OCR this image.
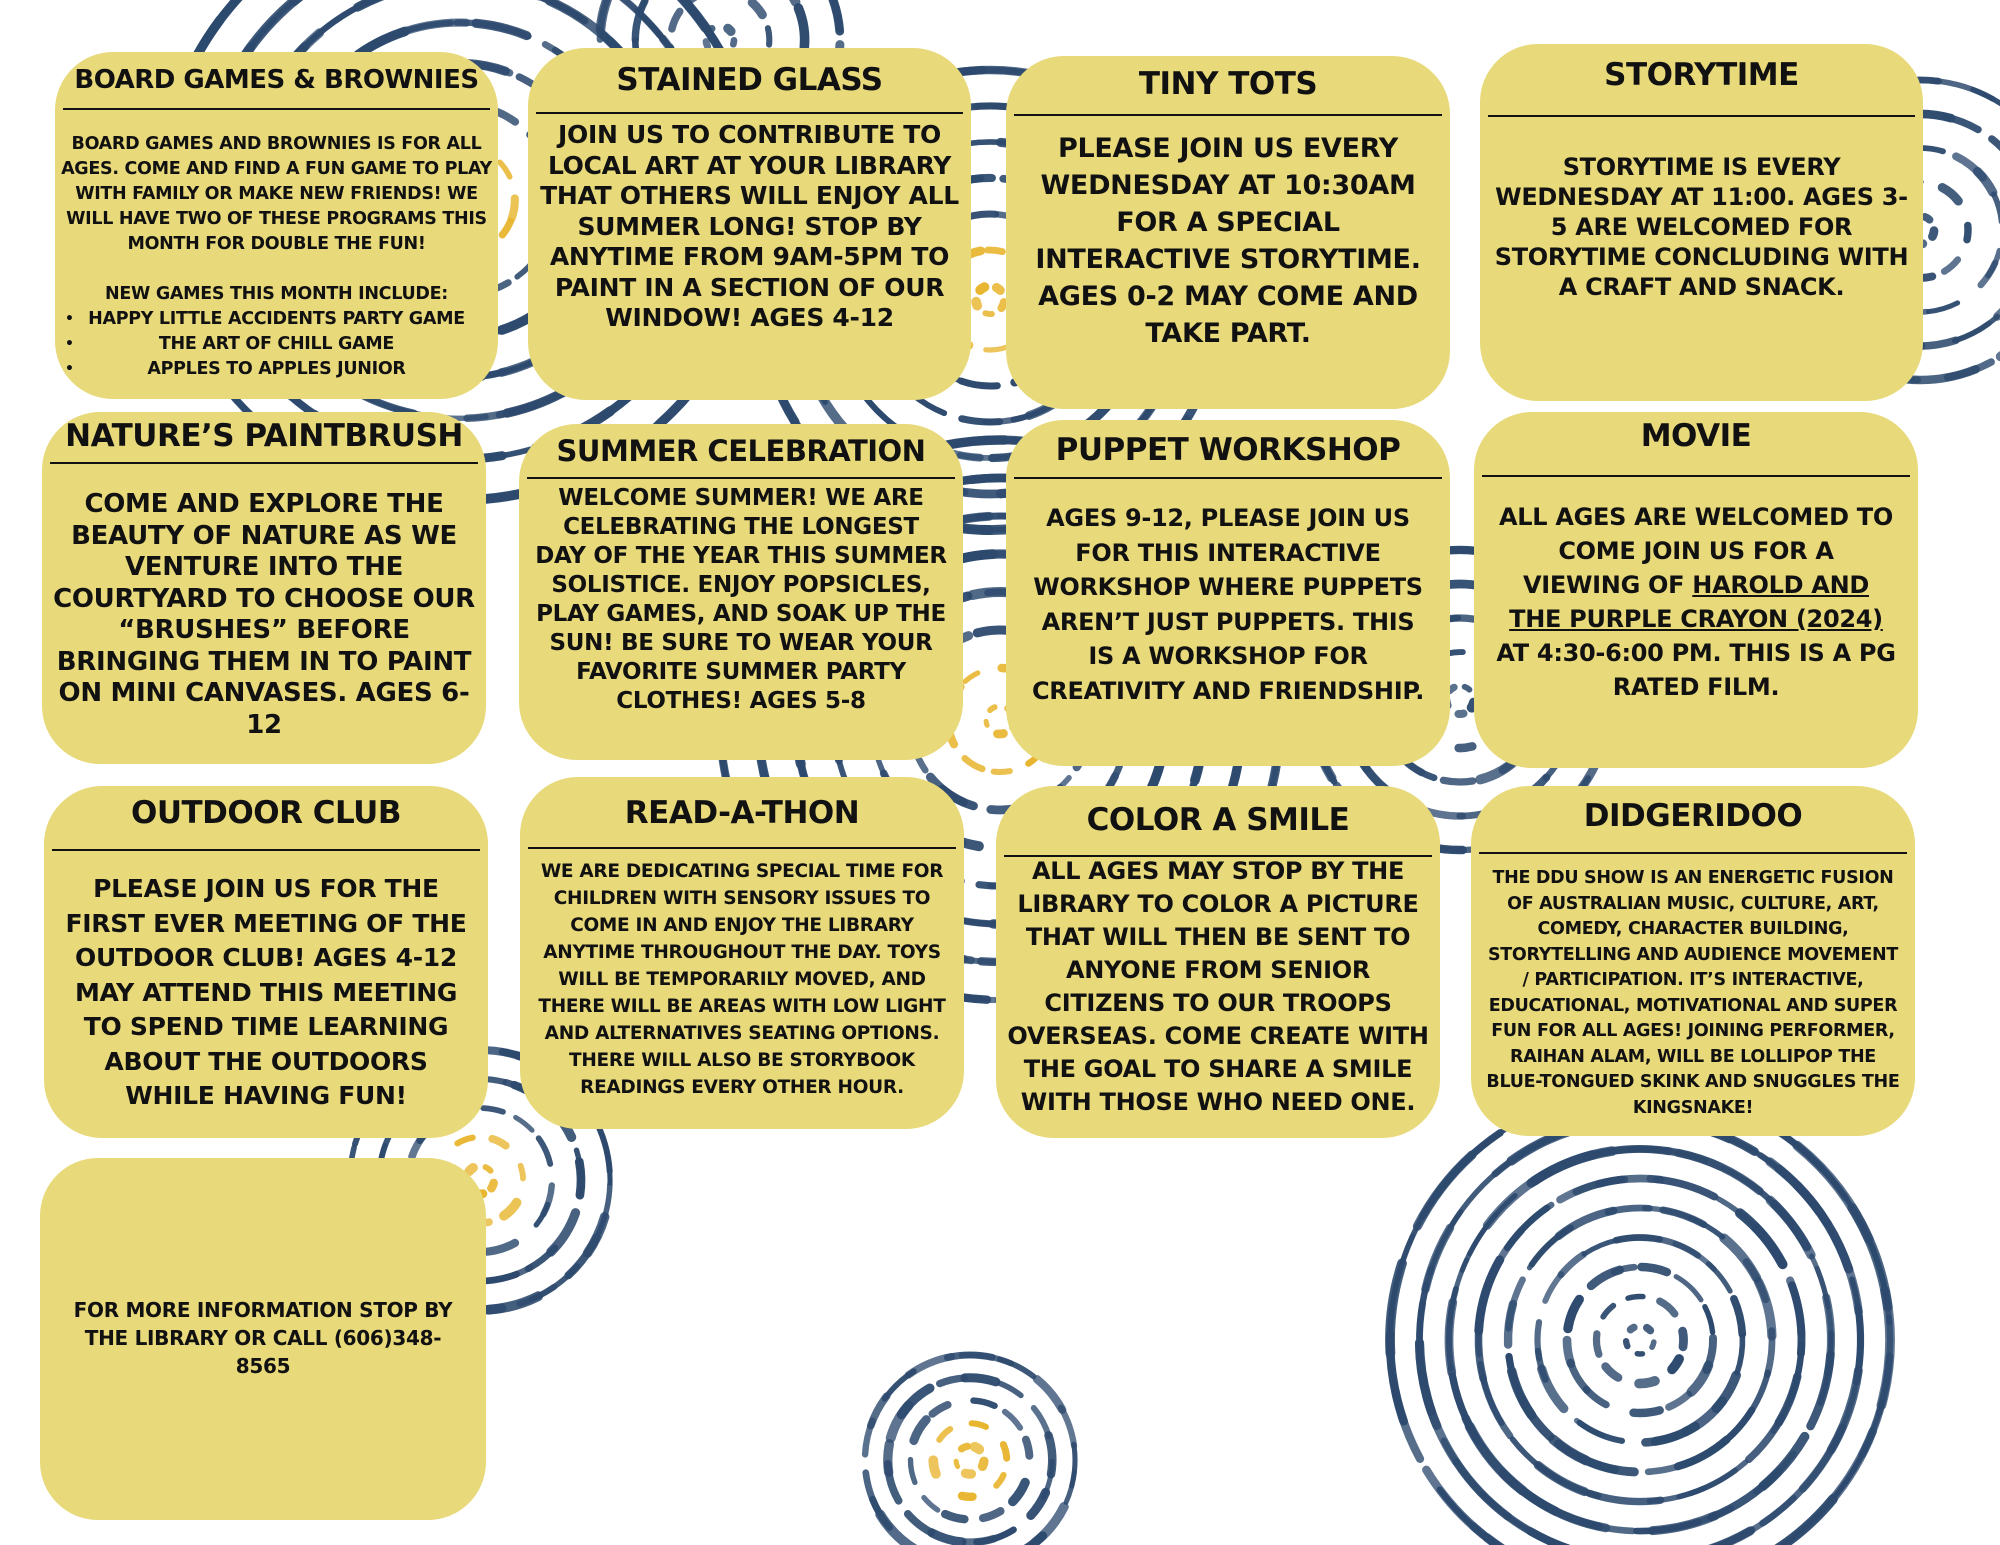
BOARD GAMES & BROWNIES

BOARD GAMES AND BROWNIES IS FOR ALL AGES. COME AND FIND A FUN GAME TO PLAY WITH FAMILY OR MAKE NEW FRIENDS! WE WILL HAVE TWO OF THESE PROGRAMS THIS MONTH FOR DOUBLE THE FUN!

NEW GAMES THIS MONTH INCLUDE:

• HAPPY LITTLE ACCIDENTS PARTY GAME
•	THE ART OF CHILL GAME
•	APPLES TO APPLES JUNIOR
STAINED GLASS
JOIN US TO CONTRIBUTE TO LOCAL ART AT YOUR LIBRARY THAT OTHERS WILL ENJOY ALL SUMMER LONG! STOP BY ANYTIME FROM 9AM-5PM TO PAINT IN A SECTION OF OUR WINDOW! AGES 4-12
TINY TOTS
PLEASE JOIN US EVERY WEDNESDAY AT 10:30AM FOR A SPECIAL INTERACTIVE STORYTIME. AGES 0-2 MAY COME AND TAKE PART.
STORYTIME
STORYTIME IS EVERY WEDNESDAY AT 11:00. AGES 3-5 ARE WELCOMED FOR STORYTIME CONCLUDING WITH A CRAFT AND SNACK.
NATURE’S PAINTBRUSH
COME AND EXPLORE THE BEAUTY OF NATURE AS WE VENTURE INTO THE COURTYARD TO CHOOSE OUR “BRUSHES” BEFORE BRINGING THEM IN TO PAINT ON MINI CANVASES. AGES 6-12
SUMMER CELEBRATION
WELCOME SUMMER! WE ARE CELEBRATING THE LONGEST DAY OF THE YEAR THIS SUMMER SOLISTICE. ENJOY POPSICLES, PLAY GAMES, AND SOAK UP THE SUN! BE SURE TO WEAR YOUR FAVORITE SUMMER PARTY CLOTHES! AGES 5-8
PUPPET WORKSHOP
AGES 9-12, PLEASE JOIN US FOR THIS INTERACTIVE WORKSHOP WHERE PUPPETS AREN’T JUST PUPPETS. THIS IS A WORKSHOP FOR CREATIVITY AND FRIENDSHIP.
MOVIE
ALL AGES ARE WELCOMED TO COME JOIN US FOR A VIEWING OF HAROLD AND THE PURPLE CRAYON (2024) AT 4:30-6:00 PM. THIS IS A PG RATED FILM.
OUTDOOR CLUB
PLEASE JOIN US FOR THE FIRST EVER MEETING OF THE OUTDOOR CLUB! AGES 4-12 MAY ATTEND THIS MEETING TO SPEND TIME LEARNING ABOUT THE OUTDOORS WHILE HAVING FUN!
READ-A-THON
WE ARE DEDICATING SPECIAL TIME FOR CHILDREN WITH SENSORY ISSUES TO COME IN AND ENJOY THE LIBRARY ANYTIME THROUGHOUT THE DAY. TOYS WILL BE TEMPORARILY MOVED, AND THERE WILL BE AREAS WITH LOW LIGHT AND ALTERNATIVES SEATING OPTIONS. THERE WILL ALSO BE STORYBOOK READINGS EVERY OTHER HOUR.
COLOR A SMILE
ALL AGES MAY STOP BY THE LIBRARY TO COLOR A PICTURE THAT WILL THEN BE SENT TO ANYONE FROM SENIOR CITIZENS TO OUR TROOPS OVERSEAS. COME CREATE WITH THE GOAL TO SHARE A SMILE WITH THOSE WHO NEED ONE.
DIDGERIDOO
THE DDU SHOW IS AN ENERGETIC FUSION OF AUSTRALIAN MUSIC, CULTURE, ART, COMEDY, CHARACTER BUILDING, STORYTELLING AND AUDIENCE MOVEMENT / PARTICIPATION. IT’S INTERACTIVE, EDUCATIONAL, MOTIVATIONAL AND SUPER FUN FOR ALL AGES! JOINING PERFORMER, RAIHAN ALAM, WILL BE LOLLIPOP THE BLUE-TONGUED SKINK AND SNUGGLES THE KINGSNAKE!
FOR MORE INFORMATION STOP BY THE LIBRARY OR CALL (606)348-8565
